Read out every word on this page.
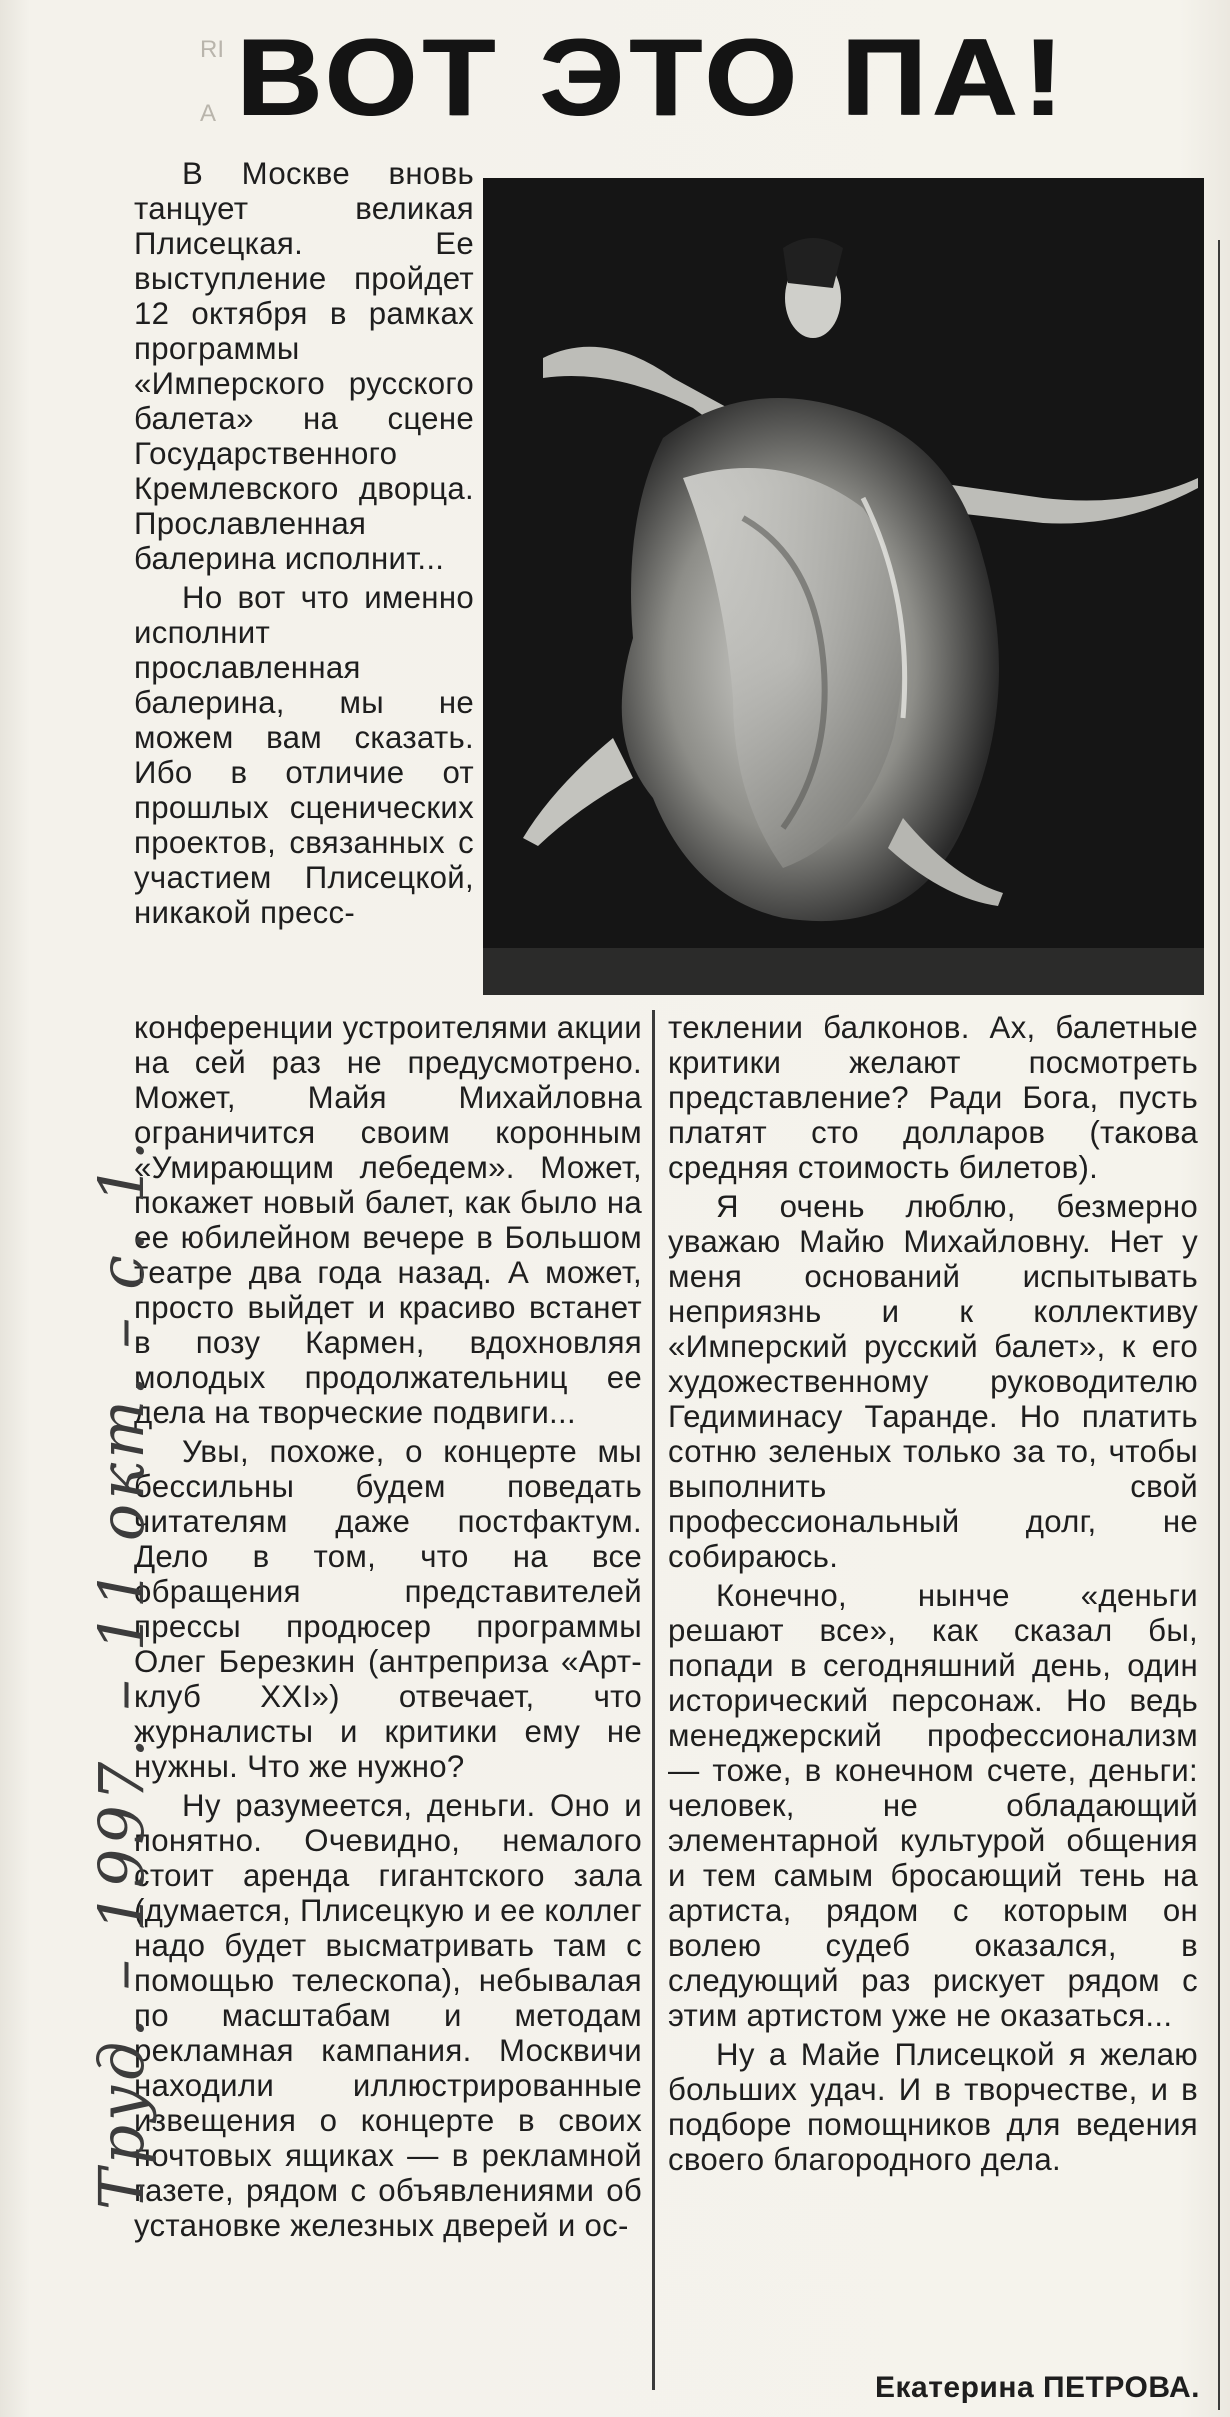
RI
А ВОТ ЭТО ПА!

В Москве вновь танцует великая Плисецкая. Ее выступление пройдет 12 октября в рамках программы «Имперского русского балета» на сцене Государственного Кремлевского дворца. Прославленная балерина исполнит...

Но вот что именно исполнит прославленная балерина, мы не можем вам сказать. Ибо в отличие от прошлых сценических проектов, связанных с участием Плисецкой, никакой пресс-

конференции устроителями акции на сей раз не предусмотрено. Может, Майя Михайловна ограничится своим коронным «Умирающим лебедем». Может, покажет новый балет, как было на ее юбилейном вечере в Большом театре два года назад. А может, просто выйдет и красиво встанет в позу Кармен, вдохновляя молодых продолжательниц ее дела на творческие подвиги...

Увы, похоже, о концерте мы бессильны будем поведать читателям даже постфактум. Дело в том, что на все обращения представителей прессы продюсер программы Олег Березкин (антреприза «Арт-клуб XXI») отвечает, что журналисты и критики ему не нужны. Что же нужно?

Ну разумеется, деньги. Оно и понятно. Очевидно, немалого стоит аренда гигантского зала (думается, Плисецкую и ее коллег надо будет высматривать там с помощью телескопа), небывалая по масштабам и методам рекламная кампания. Москвичи находили иллюстрированные извещения о концерте в своих почтовых ящиках — в рекламной газете, рядом с объявлениями об установке железных дверей и ос-

теклении балконов. Ах, балетные критики желают посмотреть представление? Ради Бога, пусть платят сто долларов (такова средняя стоимость билетов).

Я очень люблю, безмерно уважаю Майю Михайловну. Нет у меня оснований испытывать неприязнь и к коллективу «Имперский русский балет», к его художественному руководителю Гедиминасу Таранде. Но платить сотню зеленых только за то, чтобы выполнить свой профессиональный долг, не собираюсь.

Конечно, нынче «деньги решают все», как сказал бы, попади в сегодняшний день, один исторический персонаж. Но ведь менеджерский профессионализм — тоже, в конечном счете, деньги: человек, не обладающий элементарной культурой общения и тем самым бросающий тень на артиста, рядом с которым он волею судеб оказался, в следующий раз рискует рядом с этим артистом уже не оказаться...

Ну а Майе Плисецкой я желаю больших удач. И в творчестве, и в подборе помощников для ведения своего благородного дела.

Екатерина ПЕТРОВА.
Труд. – 1997. – 11 окт. – с. 1.
